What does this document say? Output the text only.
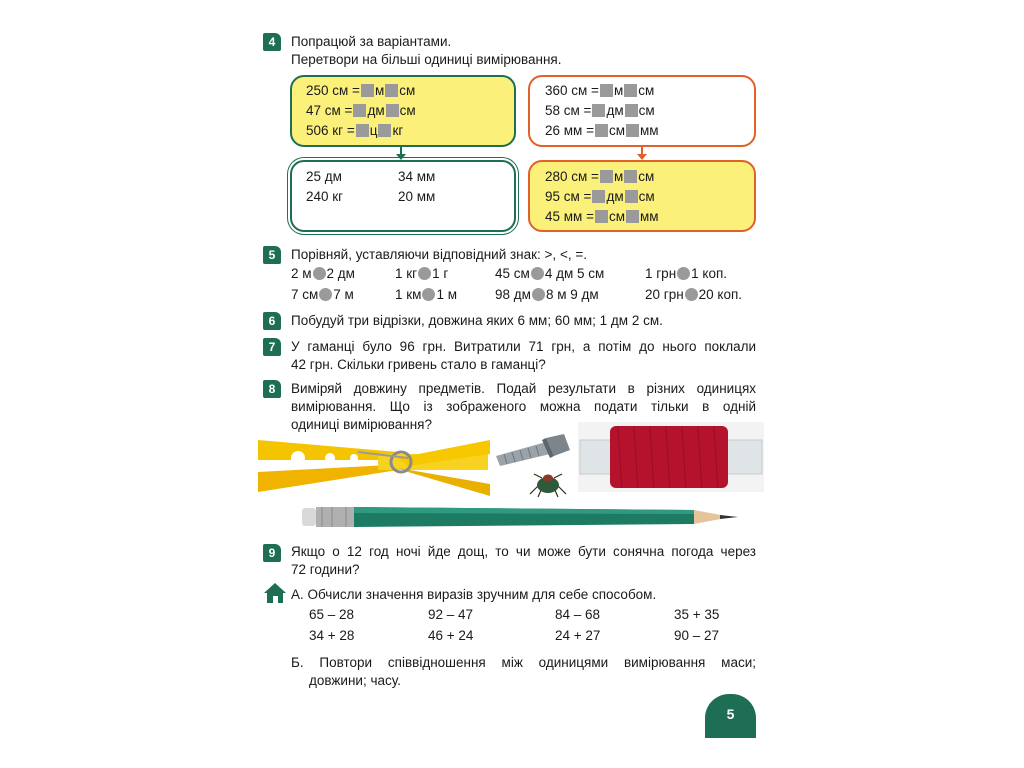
4	Попрацюй за варіантами.
Перетвори на більші одиниці вимірювання.
250 см = м см
47 см = дм см
506 кг = ц кг
360 см = м см
58 см = дм см
26 мм = см мм
280 см = м см
95 см = дм см
45 мм = см мм
25 дм	34 мм
240 кг	20 мм
5	Порівняй, уставляючи відповідний знак: >, <, =.
2 м 2 дм	1 кг 1 г	45 см 4 дм 5 см	1 грн 1 коп.
7 см 7 м	1 км 1 м	98 дм 8 м 9 дм	20 грн 20 коп.
6	Побудуй три відрізки, довжина яких 6 мм; 60 мм; 1 дм 2 см.
7	У гаманці було 96 грн. Витратили 71 грн, а потім до нього поклали
42 грн. Скільки гривень стало в гаманці?
8	Виміряй довжину предметів. Подай результати в різних одиницях
вимірювання. Що із зображеного можна подати тільки в одній
одиниці вимірювання?
9	Якщо о 12 год ночі йде дощ, то чи може бути сонячна погода через
72 години?
А. Обчисли значення виразів зручним для себе способом.
65 – 28	92 – 47	84 – 68	35 + 35
34 + 28	46 + 24	24 + 27	90 – 27
Б. Повтори співвідношення між одиницями вимірювання маси;
довжини; часу.
5
